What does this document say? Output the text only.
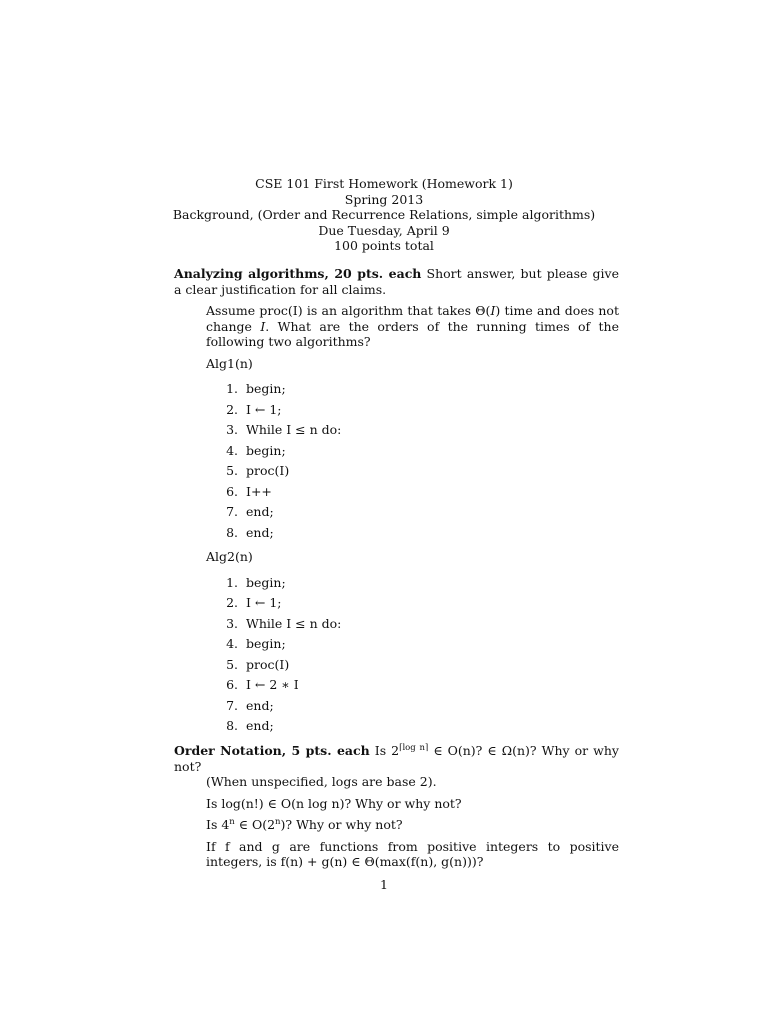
CSE 101 First Homework (Homework 1)
Spring 2013
Background, (Order and Recurrence Relations, simple algorithms)
Due Tuesday, April 9
100 points total
Analyzing algorithms, 20 pts. each Short answer, but please give a clear justification for all claims.
Assume proc(I) is an algorithm that takes Θ(I) time and does not change I. What are the orders of the running times of the following two algorithms?
Alg1(n)
1. begin;
2. I ← 1;
3. While I ≤ n do:
4. begin;
5. proc(I)
6. I++
7. end;
8. end;
Alg2(n)
1. begin;
2. I ← 1;
3. While I ≤ n do:
4. begin;
5. proc(I)
6. I ← 2 ∗ I
7. end;
8. end;
Order Notation, 5 pts. each Is $2^{⌈log n⌉}$ ∈ O(n)? ∈ Ω(n)? Why or why not?
(When unspecified, logs are base 2).
Is log(n!) ∈ O(n log n)? Why or why not?
Is 4$^n$ ∈ O(2$^n$)? Why or why not?
If f and g are functions from positive integers to positive integers, is f(n) + g(n) ∈ Θ(max(f(n), g(n)))?
1
